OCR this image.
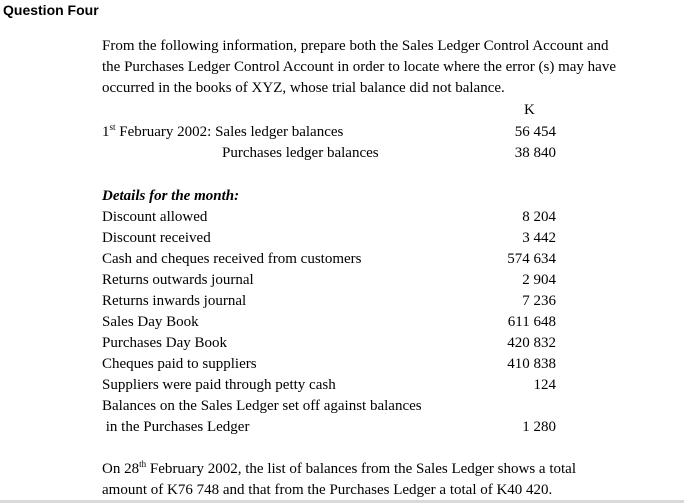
Question Four

From the following information, prepare both the Sales Ledger Control Account and
the Purchases Ledger Control Account in order to locate where the error (s) may have
occurred in the books of XYZ, whose trial balance did not balance.

K
1st February 2002: Sales ledger balances	56 454
Purchases ledger balances	38 840
Details for the month:
Discount allowed	8 204
Discount received	3 442
Cash and cheques received from customers	574 634
Returns outwards journal	2 904
Returns inwards journal	7 236
Sales Day Book	611 648
Purchases Day Book	420 832
Cheques paid to suppliers	410 838
Suppliers were paid through petty cash	124
Balances on the Sales Ledger set off against balances
in the Purchases Ledger	1 280
On 28th February 2002, the list of balances from the Sales Ledger shows a total
amount of K76 748 and that from the Purchases Ledger a total of K40 420.
